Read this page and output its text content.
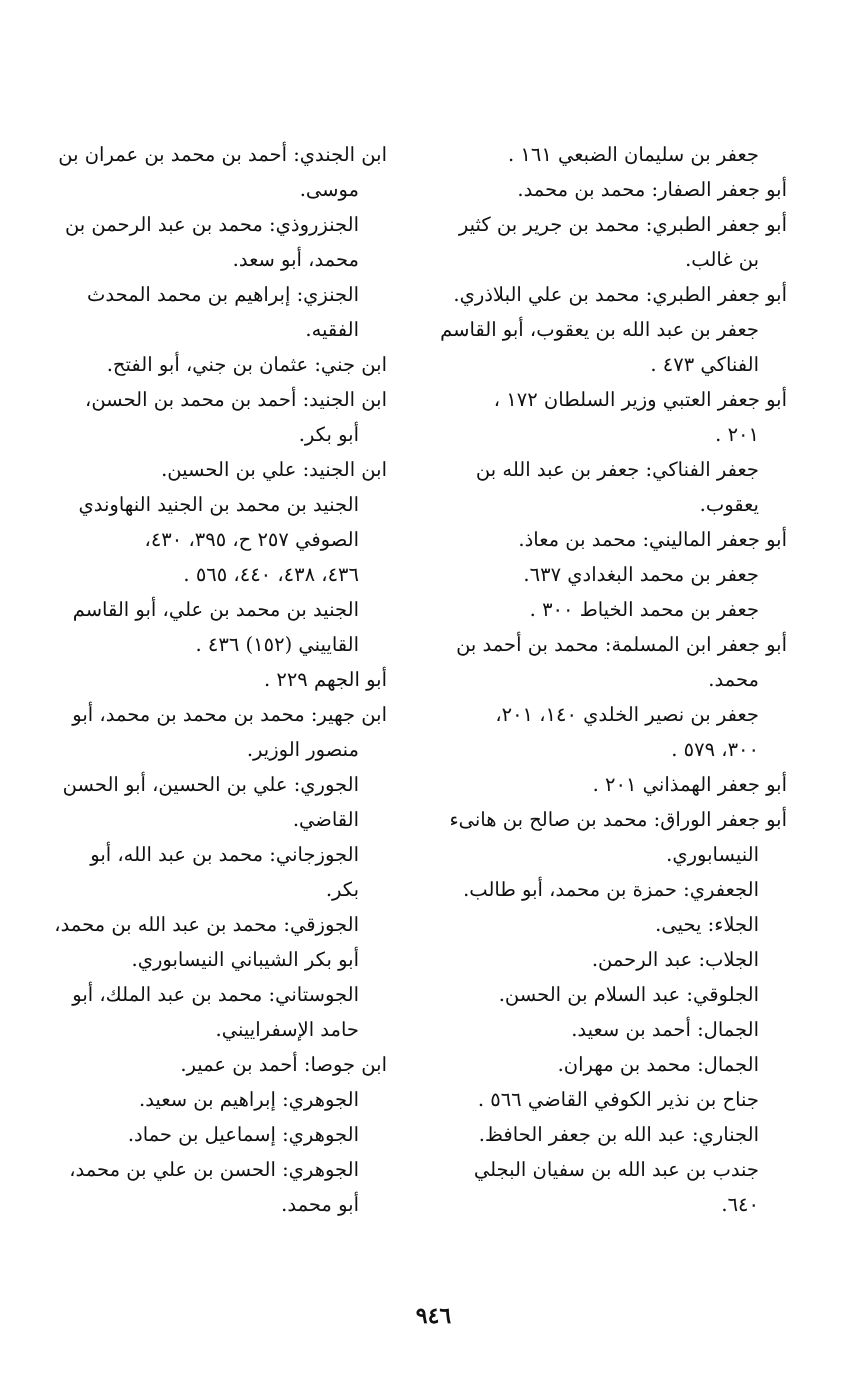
جعفر بن سليمان الضبعي ١٦١ .

أبو جعفر الصفار: محمد بن محمد.

أبو جعفر الطبري: محمد بن جرير بن كثير
بن غالب.

أبو جعفر الطبري: محمد بن علي البلاذري.

جعفر بن عبد الله بن يعقوب، أبو القاسم
الفناكي ٤٧٣ .

أبو جعفر العتبي وزير السلطان ١٧٢ ،
٢٠١ .

جعفر الفناكي: جعفر بن عبد الله بن
يعقوب.

أبو جعفر الماليني: محمد بن معاذ.

جعفر بن محمد البغدادي ٦٣٧.

جعفر بن محمد الخياط ٣٠٠ .

أبو جعفر ابن المسلمة: محمد بن أحمد بن
محمد.

جعفر بن نصير الخلدي ١٤٠، ٢٠١،
٣٠٠، ٥٧٩ .

أبو جعفر الهمذاني ٢٠١ .

أبو جعفر الوراق: محمد بن صالح بن هانىء
النيسابوري.

الجعفري: حمزة بن محمد، أبو طالب.

الجلاء: يحيى.

الجلاب: عبد الرحمن.

الجلوقي: عبد السلام بن الحسن.

الجمال: أحمد بن سعيد.

الجمال: محمد بن مهران.

جناح بن نذير الكوفي القاضي ٥٦٦ .

الجناري: عبد الله بن جعفر الحافظ.

جندب بن عبد الله بن سفيان البجلي
٦٤٠.

ابن الجندي: أحمد بن محمد بن عمران بن
موسى.

الجنزروذي: محمد بن عبد الرحمن بن
محمد، أبو سعد.

الجنزي: إبراهيم بن محمد المحدث
الفقيه.

ابن جني: عثمان بن جني، أبو الفتح.

ابن الجنيد: أحمد بن محمد بن الحسن،
أبو بكر.

ابن الجنيد: علي بن الحسين.

الجنيد بن محمد بن الجنيد النهاوندي
الصوفي ٢٥٧ ح، ٣٩٥، ٤٣٠،
٤٣٦، ٤٣٨، ٤٤٠، ٥٦٥ .

الجنيد بن محمد بن علي، أبو القاسم
القاييني (١٥٢) ٤٣٦ .

أبو الجهم ٢٢٩ .

ابن جهير: محمد بن محمد بن محمد، أبو
منصور الوزير.

الجوري: علي بن الحسين، أبو الحسن
القاضي.

الجوزجاني: محمد بن عبد الله، أبو
بكر.

الجوزقي: محمد بن عبد الله بن محمد،
أبو بكر الشيباني النيسابوري.

الجوستاني: محمد بن عبد الملك، أبو
حامد الإسفراييني.

ابن جوصا: أحمد بن عمير.

الجوهري: إبراهيم بن سعيد.

الجوهري: إسماعيل بن حماد.

الجوهري: الحسن بن علي بن محمد،
أبو محمد.

٩٤٦
